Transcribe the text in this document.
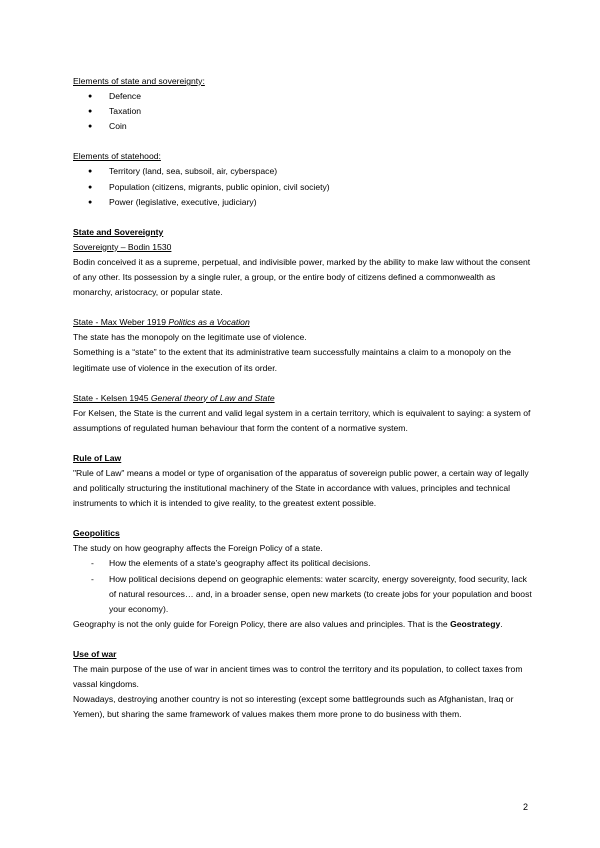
Elements of state and sovereignty:

● Defence
● Taxation
● Coin

Elements of statehood:

● Territory (land, sea, subsoil, air, cyberspace)
● Population (citizens, migrants, public opinion, civil society)
● Power (legislative, executive, judiciary)

State and Sovereignty

Sovereignty – Bodin 1530

Bodin conceived it as a supreme, perpetual, and indivisible power, marked by the ability to make law without the consent of any other. Its possession by a single ruler, a group, or the entire body of citizens defined a commonwealth as monarchy, aristocracy, or popular state.

State - Max Weber 1919 Politics as a Vocation

The state has the monopoly on the legitimate use of violence.

Something is a “state” to the extent that its administrative team successfully maintains a claim to a monopoly on the legitimate use of violence in the execution of its order.

State - Kelsen 1945 General theory of Law and State

For Kelsen, the State is the current and valid legal system in a certain territory, which is equivalent to saying: a system of assumptions of regulated human behaviour that form the content of a normative system.

Rule of Law

"Rule of Law" means a model or type of organisation of the apparatus of sovereign public power, a certain way of legally and politically structuring the institutional machinery of the State in accordance with values, principles and technical instruments to which it is intended to give reality, to the greatest extent possible.

Geopolitics

The study on how geography affects the Foreign Policy of a state.

- How the elements of a state’s geography affect its political decisions.
- How political decisions depend on geographic elements: water scarcity, energy sovereignty, food security, lack of natural resources… and, in a broader sense, open new markets (to create jobs for your population and boost your economy).

Geography is not the only guide for Foreign Policy, there are also values and principles. That is the Geostrategy.

Use of war

The main purpose of the use of war in ancient times was to control the territory and its population, to collect taxes from vassal kingdoms.

Nowadays, destroying another country is not so interesting (except some battlegrounds such as Afghanistan, Iraq or Yemen), but sharing the same framework of values makes them more prone to do business with them.

2
